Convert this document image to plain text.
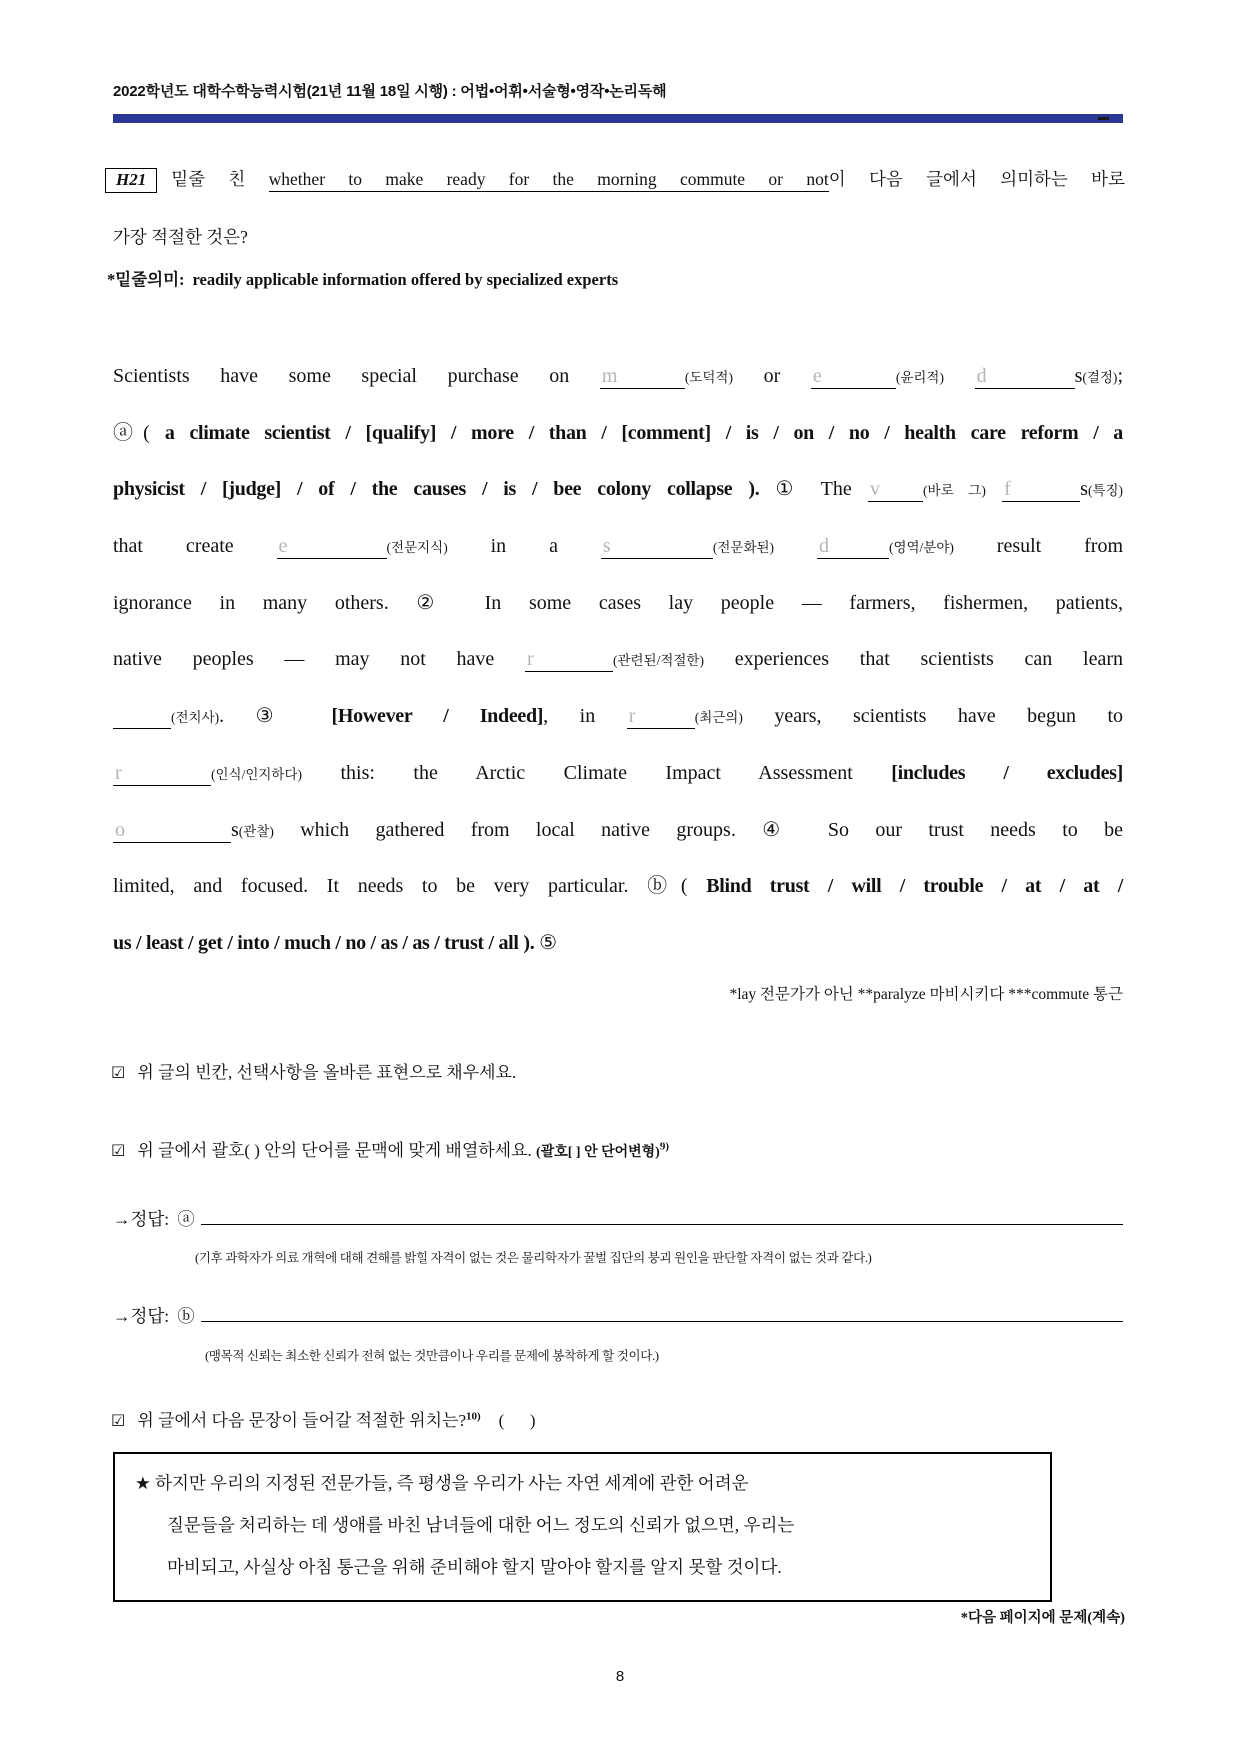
2022학년도 대학수학능력시험(21년 11월 18일 시행) : 어법•어휘•서술형•영작•논리독해
H21 밑줄 친 whether to make ready for the morning commute or not이 다음 글에서 의미하는 바로
가장 적절한 것은?
*밑줄의미: readily applicable information offered by specialized experts
Scientists have some special purchase on m	(도덕적) or e	(윤리적) d	s(결정);
ⓐ( a climate scientist / [qualify] / more / than / [comment] / is / on / no / health care reform / a
physicist / [judge] / of / the causes / is / bee colony collapse ). ① The v	(바로 그) f	s(특징)
that create e	(전문지식) in a s	(전문화된) d	(영역/분야) result from
ignorance in many others. ② In some cases lay people — farmers, fishermen, patients,
native peoples — may not have r	(관련된/적절한) experiences that scientists can learn
(전치사). ③ [However / Indeed], in r	(최근의) years, scientists have begun to
r	(인식/인지하다) this: the Arctic Climate Impact Assessment [includes / excludes]
o	s(관찰) which gathered from local native groups. ④ So our trust needs to be
limited, and focused. It needs to be very particular. ⓑ( Blind trust / will / trouble / at / at /
us / least / get / into / much / no / as / as / trust / all ). ⑤
*lay 전문가가 아닌 **paralyze 마비시키다 ***commute 통근
☑ 위 글의 빈칸, 선택사항을 올바른 표현으로 채우세요.
☑ 위 글에서 괄호( ) 안의 단어를 문맥에 맞게 배열하세요. (괄호[ ] 안 단어변형)$^{9)}$
→정답: ⓐ
(기후 과학자가 의료 개혁에 대해 견해를 밝힐 자격이 없는 것은 물리학자가 꿀벌 집단의 붕괴 원인을 판단할 자격이 없는 것과 같다.)
→정답: ⓑ
(맹목적 신뢰는 최소한 신뢰가 전혀 없는 것만큼이나 우리를 문제에 봉착하게 할 것이다.)
☑ 위 글에서 다음 문장이 들어갈 적절한 위치는?$^{10)}$ (      )
★ 하지만 우리의 지정된 전문가들, 즉 평생을 우리가 사는 자연 세계에 관한 어려운
질문들을 처리하는 데 생애를 바친 남녀들에 대한 어느 정도의 신뢰가 없으면, 우리는
마비되고, 사실상 아침 통근을 위해 준비해야 할지 말아야 할지를 알지 못할 것이다.
*다음 페이지에 문제(계속)
8
